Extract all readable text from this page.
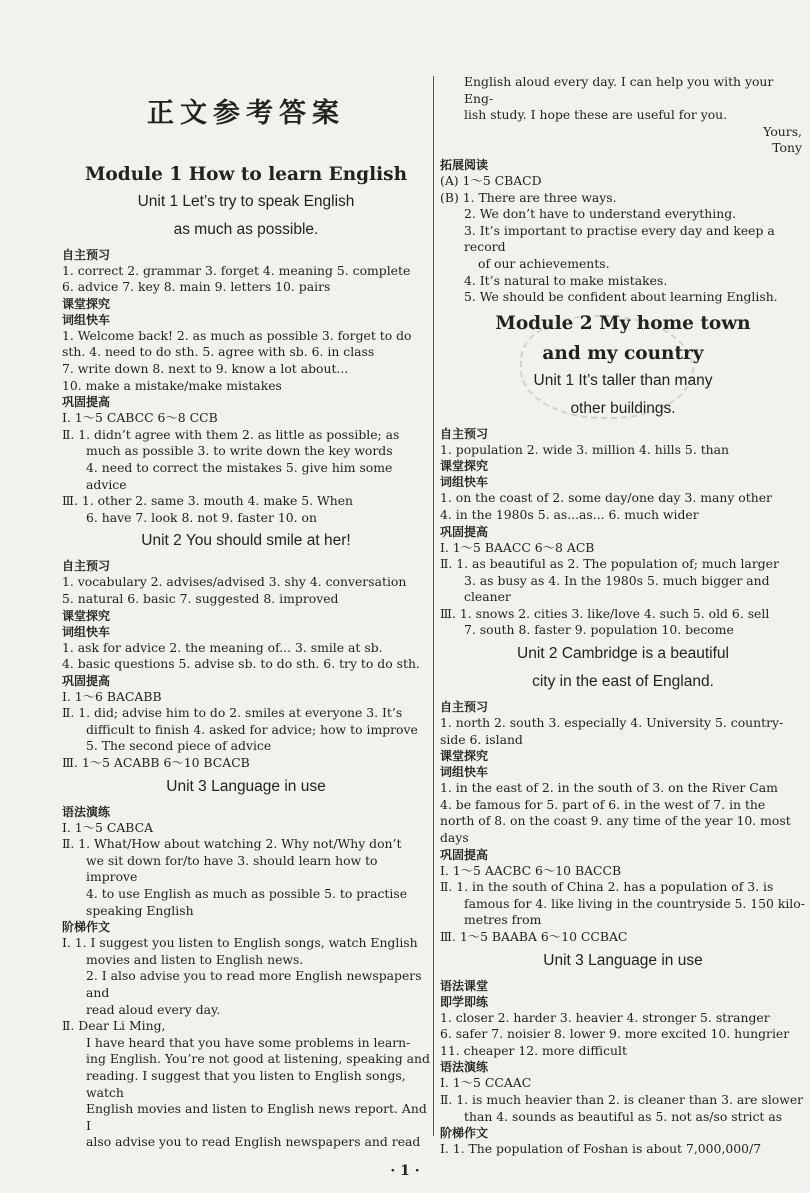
正文参考答案
Module 1 How to learn English
Unit 1 Let’s try to speak English
as much as possible.
自主预习
1. correct 2. grammar 3. forget 4. meaning 5. complete
6. advice 7. key 8. main 9. letters 10. pairs
课堂探究
词组快车
1. Welcome back! 2. as much as possible 3. forget to do
sth. 4. need to do sth. 5. agree with sb. 6. in class
7. write down 8. next to 9. know a lot about...
10. make a mistake/make mistakes
巩固提高
Ⅰ. 1～5 CABCC 6～8 CCB
Ⅱ. 1. didn’t agree with them 2. as little as possible; as
much as possible 3. to write down the key words
4. need to correct the mistakes 5. give him some advice
Ⅲ. 1. other 2. same 3. mouth 4. make 5. When
6. have 7. look 8. not 9. faster 10. on
Unit 2 You should smile at her!
自主预习
1. vocabulary 2. advises/advised 3. shy 4. conversation
5. natural 6. basic 7. suggested 8. improved
课堂探究
词组快车
1. ask for advice 2. the meaning of... 3. smile at sb.
4. basic questions 5. advise sb. to do sth. 6. try to do sth.
巩固提高
Ⅰ. 1～6 BACABB
Ⅱ. 1. did; advise him to do 2. smiles at everyone 3. It’s
difficult to finish 4. asked for advice; how to improve
5. The second piece of advice
Ⅲ. 1～5 ACABB 6～10 BCACB
Unit 3 Language in use
语法演练
Ⅰ. 1～5 CABCA
Ⅱ. 1. What/How about watching 2. Why not/Why don’t
we sit down for/to have 3. should learn how to improve
4. to use English as much as possible 5. to practise
speaking English
阶梯作文
Ⅰ. 1. I suggest you listen to English songs, watch English
movies and listen to English news.
2. I also advise you to read more English newspapers and
read aloud every day.
Ⅱ. Dear Li Ming,
I have heard that you have some problems in learn-
ing English. You’re not good at listening, speaking and
reading. I suggest that you listen to English songs, watch
English movies and listen to English news report. And I
also advise you to read English newspapers and read
English aloud every day. I can help you with your Eng-
lish study. I hope these are useful for you.
Yours,
Tony
拓展阅读
(A) 1～5 CBACD
(B) 1. There are three ways.
2. We don’t have to understand everything.
3. It’s important to practise every day and keep a record
of our achievements.
4. It’s natural to make mistakes.
5. We should be confident about learning English.
Module 2 My home town
and my country
Unit 1 It’s taller than many
other buildings.
自主预习
1. population 2. wide 3. million 4. hills 5. than
课堂探究
词组快车
1. on the coast of 2. some day/one day 3. many other
4. in the 1980s 5. as...as... 6. much wider
巩固提高
Ⅰ. 1～5 BAACC 6～8 ACB
Ⅱ. 1. as beautiful as 2. The population of; much larger
3. as busy as 4. In the 1980s 5. much bigger and
cleaner
Ⅲ. 1. snows 2. cities 3. like/love 4. such 5. old 6. sell
7. south 8. faster 9. population 10. become
Unit 2 Cambridge is a beautiful
city in the east of England.
自主预习
1. north 2. south 3. especially 4. University 5. country-
side 6. island
课堂探究
词组快车
1. in the east of 2. in the south of 3. on the River Cam
4. be famous for 5. part of 6. in the west of 7. in the
north of 8. on the coast 9. any time of the year 10. most
days
巩固提高
Ⅰ. 1～5 AACBC 6～10 BACCB
Ⅱ. 1. in the south of China 2. has a population of 3. is
famous for 4. like living in the countryside 5. 150 kilo-
metres from
Ⅲ. 1～5 BAABA 6～10 CCBAC
Unit 3 Language in use
语法课堂
即学即练
1. closer 2. harder 3. heavier 4. stronger 5. stranger
6. safer 7. noisier 8. lower 9. more excited 10. hungrier
11. cheaper 12. more difficult
语法演练
Ⅰ. 1～5 CCAAC
Ⅱ. 1. is much heavier than 2. is cleaner than 3. are slower
than 4. sounds as beautiful as 5. not as/so strict as
阶梯作文
Ⅰ. 1. The population of Foshan is about 7,000,000/7
· 1 ·
